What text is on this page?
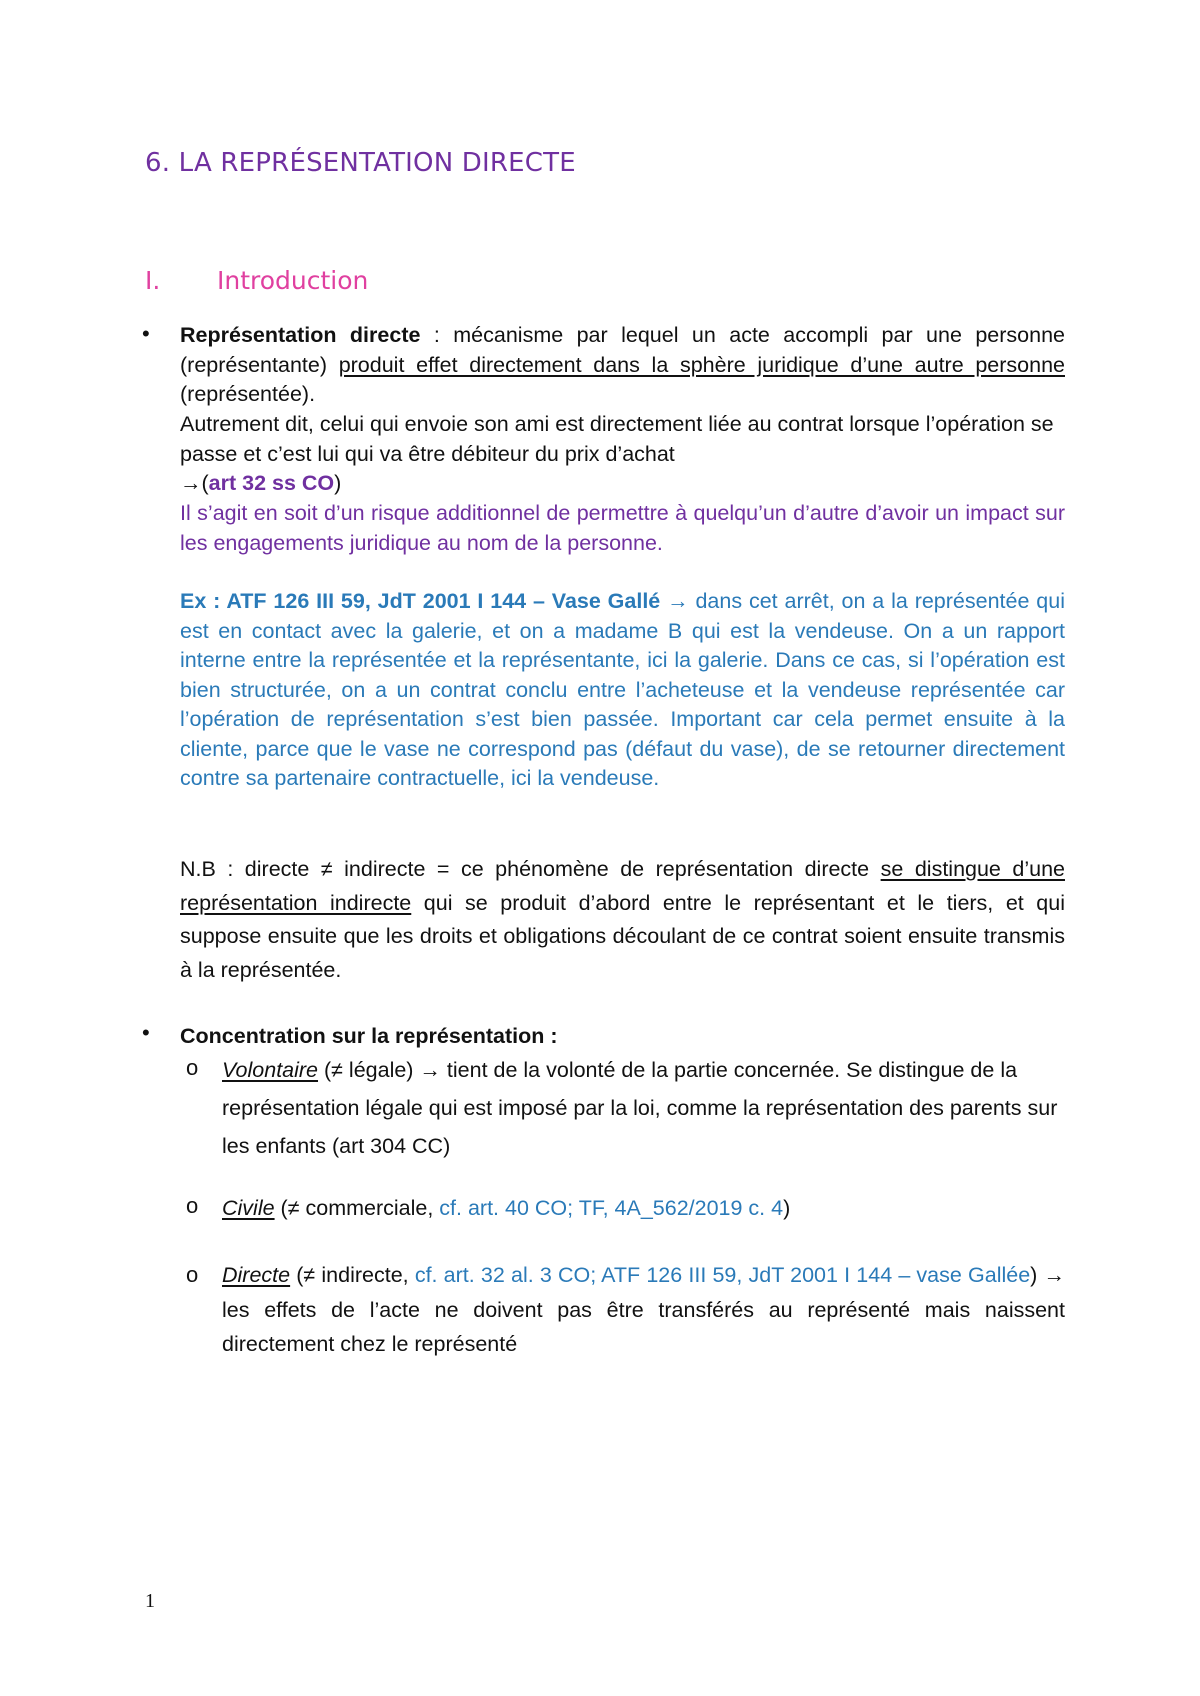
6. LA REPRÉSENTATION DIRECTE
I. Introduction
• Représentation directe : mécanisme par lequel un acte accompli par une personne (représentante) produit effet directement dans la sphère juridique d’une autre personne (représentée).
Autrement dit, celui qui envoie son ami est directement liée au contrat lorsque l’opération se passe et c’est lui qui va être débiteur du prix d’achat
→(art 32 ss CO)
Il s’agit en soit d’un risque additionnel de permettre à quelqu’un d’autre d’avoir un impact sur les engagements juridique au nom de la personne.
Ex : ATF 126 III 59, JdT 2001 I 144 – Vase Gallé → dans cet arrêt, on a la représentée qui est en contact avec la galerie, et on a madame B qui est la vendeuse. On a un rapport interne entre la représentée et la représentante, ici la galerie. Dans ce cas, si l’opération est bien structurée, on a un contrat conclu entre l’acheteuse et la vendeuse représentée car l’opération de représentation s’est bien passée. Important car cela permet ensuite à la cliente, parce que le vase ne correspond pas (défaut du vase), de se retourner directement contre sa partenaire contractuelle, ici la vendeuse.
N.B : directe ≠ indirecte = ce phénomène de représentation directe se distingue d’une représentation indirecte qui se produit d’abord entre le représentant et le tiers, et qui suppose ensuite que les droits et obligations découlant de ce contrat soient ensuite transmis à la représentée.
• Concentration sur la représentation :
o Volontaire (≠ légale) → tient de la volonté de la partie concernée. Se distingue de la représentation légale qui est imposé par la loi, comme la représentation des parents sur les enfants (art 304 CC)
o Civile (≠ commerciale, cf. art. 40 CO; TF, 4A_562/2019 c. 4)
o Directe (≠ indirecte, cf. art. 32 al. 3 CO; ATF 126 III 59, JdT 2001 I 144 – vase Gallée) → les effets de l’acte ne doivent pas être transférés au représenté mais naissent directement chez le représenté
1
